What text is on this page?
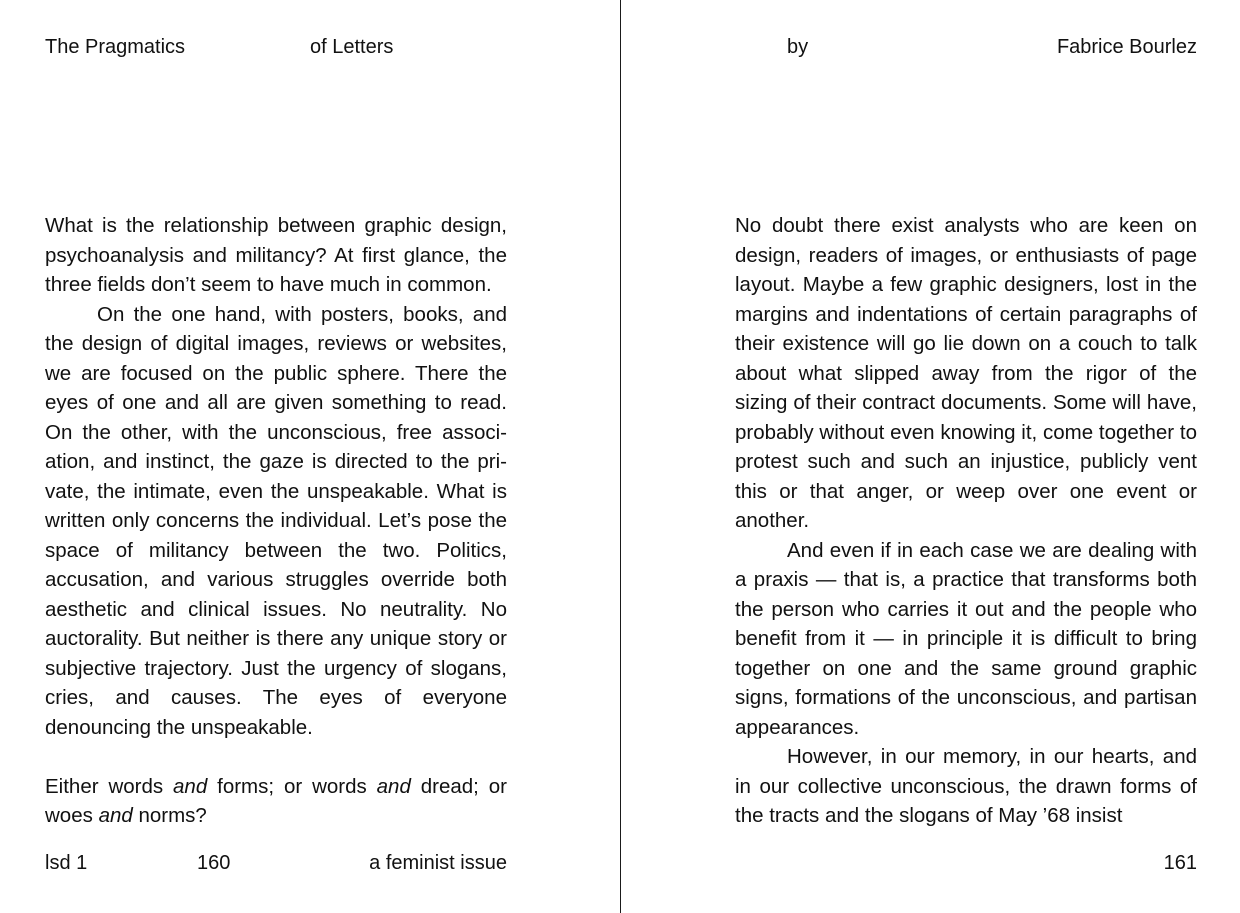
The Pragmatics	of Letters

What is the relationship between graphic design, psychoanalysis and militancy? At first glance, the three fields don’t seem to have much in common.

On the one hand, with posters, books, and the design of digital images, reviews or websites, we are focused on the public sphere. There the eyes of one and all are given something to read. On the other, with the unconscious, free association, and instinct, the gaze is directed to the private, the intimate, even the unspeakable. What is written only concerns the individual. Let’s pose the space of militancy between the two. Politics, accusation, and various struggles override both aesthetic and clinical issues. No neutrality. No auctorality. But neither is there any unique story or subjective trajectory. Just the urgency of slogans, cries, and causes. The eyes of everyone denouncing the unspeakable.

Either words and forms; or words and dread; or woes and norms?

lsd 1	160	a feminist issue
by	Fabrice Bourlez

No doubt there exist analysts who are keen on design, readers of images, or enthusiasts of page layout. Maybe a few graphic designers, lost in the margins and indentations of certain paragraphs of their existence will go lie down on a couch to talk about what slipped away from the rigor of the sizing of their contract documents. Some will have, probably without even knowing it, come together to protest such and such an injustice, publicly vent this or that anger, or weep over one event or another.

And even if in each case we are dealing with a praxis — that is, a practice that transforms both the person who carries it out and the people who benefit from it — in principle it is difficult to bring together on one and the same ground graphic signs, formations of the unconscious, and partisan appearances.

However, in our memory, in our hearts, and in our collective unconscious, the drawn forms of the tracts and the slogans of May ’68 insist

161
